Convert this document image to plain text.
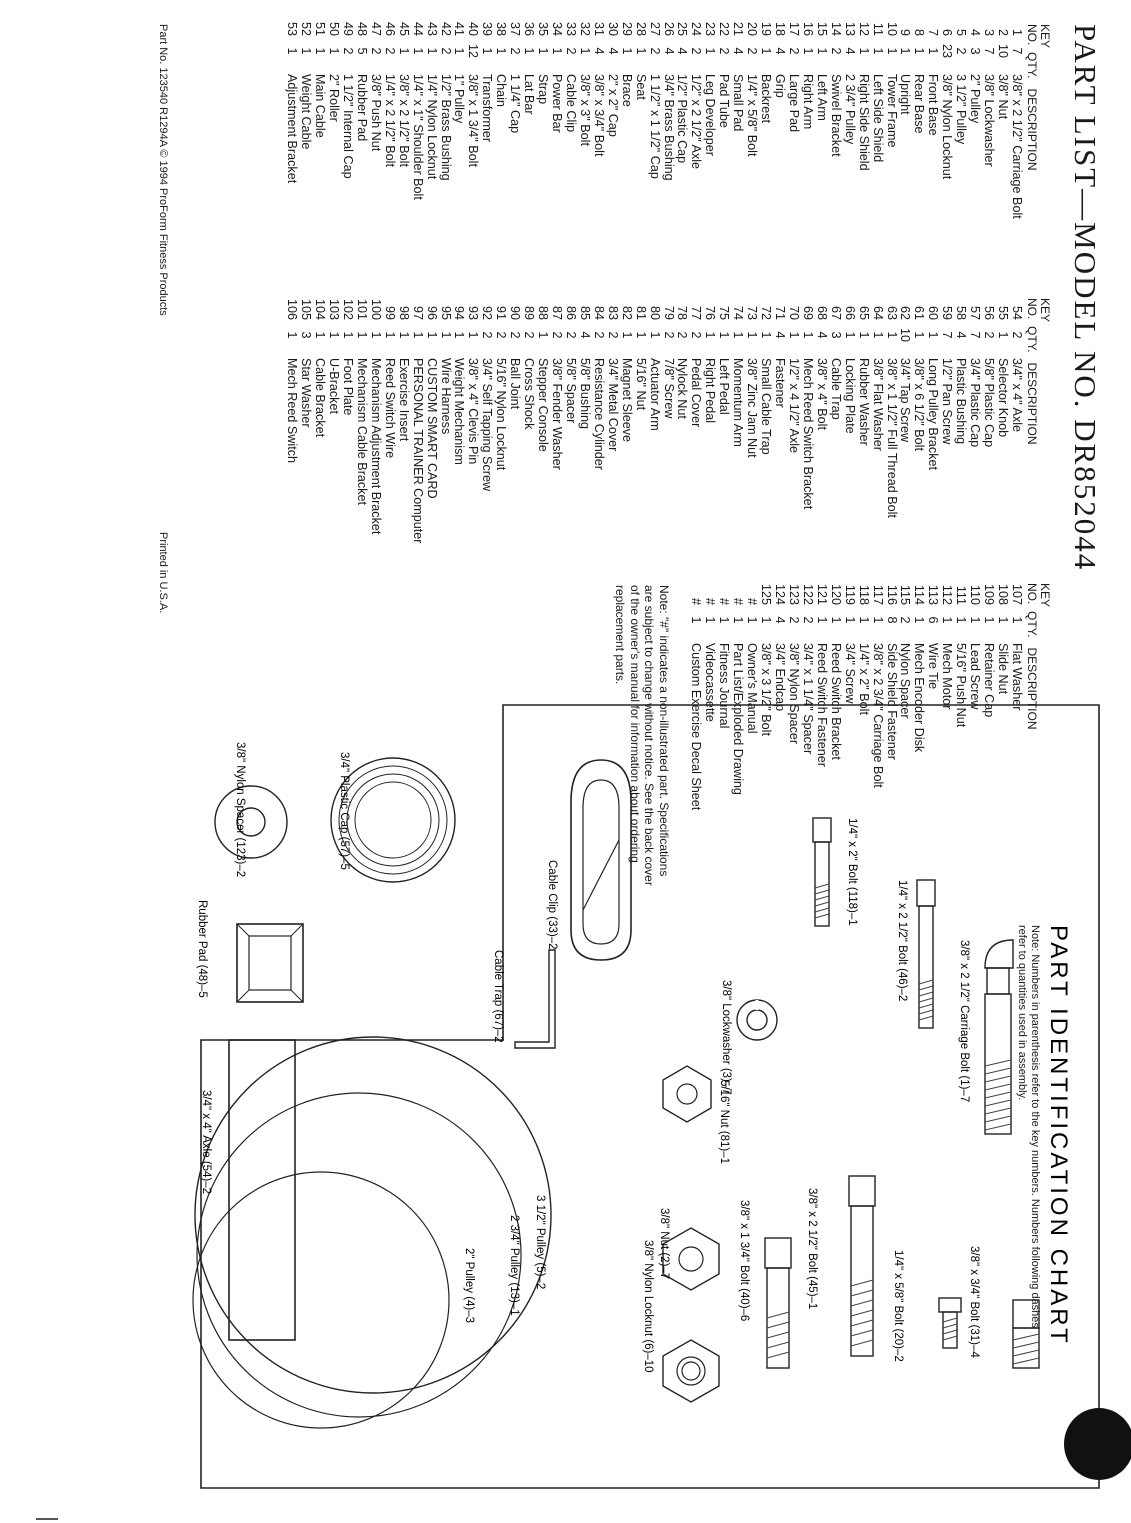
PART LIST—MODEL NO. DR852044
KEY
NO.  QTY.   DESCRIPTION
KEY
NO.  QTY.   DESCRIPTION
KEY
NO.  QTY.   DESCRIPTION
173/8" x 2 1/2" Carriage Bolt
2103/8" Nut
373/8" Lockwasher
432" Pulley
523 1/2" Pulley
6233/8" Nylon Locknut
71Front Base
81Rear Base
91Upright
101Tower Frame
111Left Side Shield
121Right Side Shield
1342 3/4" Pulley
142Swivel Bracket
151Left Arm
161Right Arm
172Large Pad
184Grip
191Backrest
2021/4" x 5/8" Bolt
214Small Pad
222Pad Tube
231Leg Developer
2421/2" x 2 1/2" Axle
2541/2" Plastic Cap
2643/4" Brass Bushing
2721 1/2" x 1 1/2" Cap
281Seat
291Brace
3042" x 2" Cap
3143/8" x 3/4" Bolt
3213/8" x 3" Bolt
332Cable Clip
341Power Bar
351Strap
361Lat Bar
3721 1/4" Cap
381Chain
391Transformer
40123/8" x 1 3/4" Bolt
4111" Pulley
4221/2" Brass Bushing
4311/4" Nylon Locknut
4411/4" x 1" Shoulder Bolt
4513/8" x 2 1/2" Bolt
4621/4" x 2 1/2" Bolt
4723/8" Push Nut
485Rubber Pad
4921 1/2" Internal Cap
5012" Roller
511Main Cable
521Weight Cable
531Adjustment Bracket
5423/4" x 4" Axle
551Selector Knob
5625/8" Plastic Cap
5773/4" Plastic Cap
584Plastic Bushing
5971/2" Pan Screw
601Long Pulley Bracket
6113/8" x 6 1/2" Bolt
62103/4" Tap Screw
6313/8" x 1 1/2" Full Thread Bolt
6413/8" Flat Washer
651Rubber Washer
661Locking Plate
673Cable Trap
6843/8" x 4" Bolt
691Mech Reed Switch Bracket
7011/2" x 4 1/2" Axle
714Fastener
721Small Cable Trap
7313/8" Zinc Jam Nut
741Momentum Arm
751Left Pedal
761Right Pedal
772Pedal Cover
782Nylock Nut
7927/8" Screw
801Actuator Arm
8115/16" Nut
821Magnet Sleeve
8323/4" Metal Cover
842Resistance Cylinder
8545/8" Bushing
8625/8" Spacer
8723/8" Fender Washer
881Stepper Console
892Cross Shock
902Ball Joint
9125/16" Nylon Locknut
9223/4" Self Tapping Screw
9313/8" x 4" Clevis Pin
941Weight Mechanism
951Wire Harness
961CUSTOM SMART CARD
971PERSONAL TRAINER Computer
981Exercise Insert
991Reed Switch Wire
1001Mechanism Adjustment Bracket
1011Mechanism Cable Bracket
1021Foot Plate
1031U-Bracket
1041Cable Bracket
1053Star Washer
1061Mech Reed Switch
1071Flat Washer
1081Slide Nut
1091Retainer Cap
1101Lead Screw
11115/16" Push Nut
1121Mech Motor
1136Wire Tie
1141Mech Encoder Disk
1152Nylon Spacer
1168Side Shield Fastener
11713/8" x 2 3/4" Carriage Bolt
11811/4" x 2" Bolt
11913/4" Screw
1201Reed Switch Bracket
1211Reed Switch Fastener
12223/4" x 1 1/4" Spacer
12323/8" Nylon Spacer
12443/4" Endcap
12513/8" x 3 1/2" Bolt
#1Owner's Manual
#1Part List/Exploded Drawing
#1Fitness Journal
#1Videocassette
#1Custom Exercise Decal Sheet
Note: "#" indicates a non-illustrated part. Specifications are subject to change without notice. See the back cover of the owner's manual for information about ordering replacement parts.
Part No. 123540 R1294A © 1994 ProForm Fitness Products
Printed in U.S.A.
PART IDENTIFICATION CHART
Note: Numbers in parenthesis refer to the key numbers. Numbers following dashes refer to quantities used in assembly.
3/8" x 2 1/2" Carriage Bolt (1)–7
1/4" x 2 1/2" Bolt (46)–2
1/4" x 2" Bolt (118)–1
3/8" Lockwasher (3)–7
5/16" Nut (81)–1
3/8" x 3/4" Bolt (31)–4
1/4" x 5/8" Bolt (20)–2
3/8" x 2 1/2" Bolt (45)–1
3/8" x 1 3/4" Bolt (40)–6
3/8" Nut (2)–7
3/8" Nylon Locknut (6)–10
Cable Clip (33)–2
Cable Trap (67)–2
3 1/2" Pulley (5)–2
2 3/4" Pulley (13)–1
2" Pulley (4)–3
3/4" x 4" Axle (54)–2
Rubber Pad (48)–5
3/4" Plastic Cap (57)–5
3/8" Nylon Spacer (123)–2
